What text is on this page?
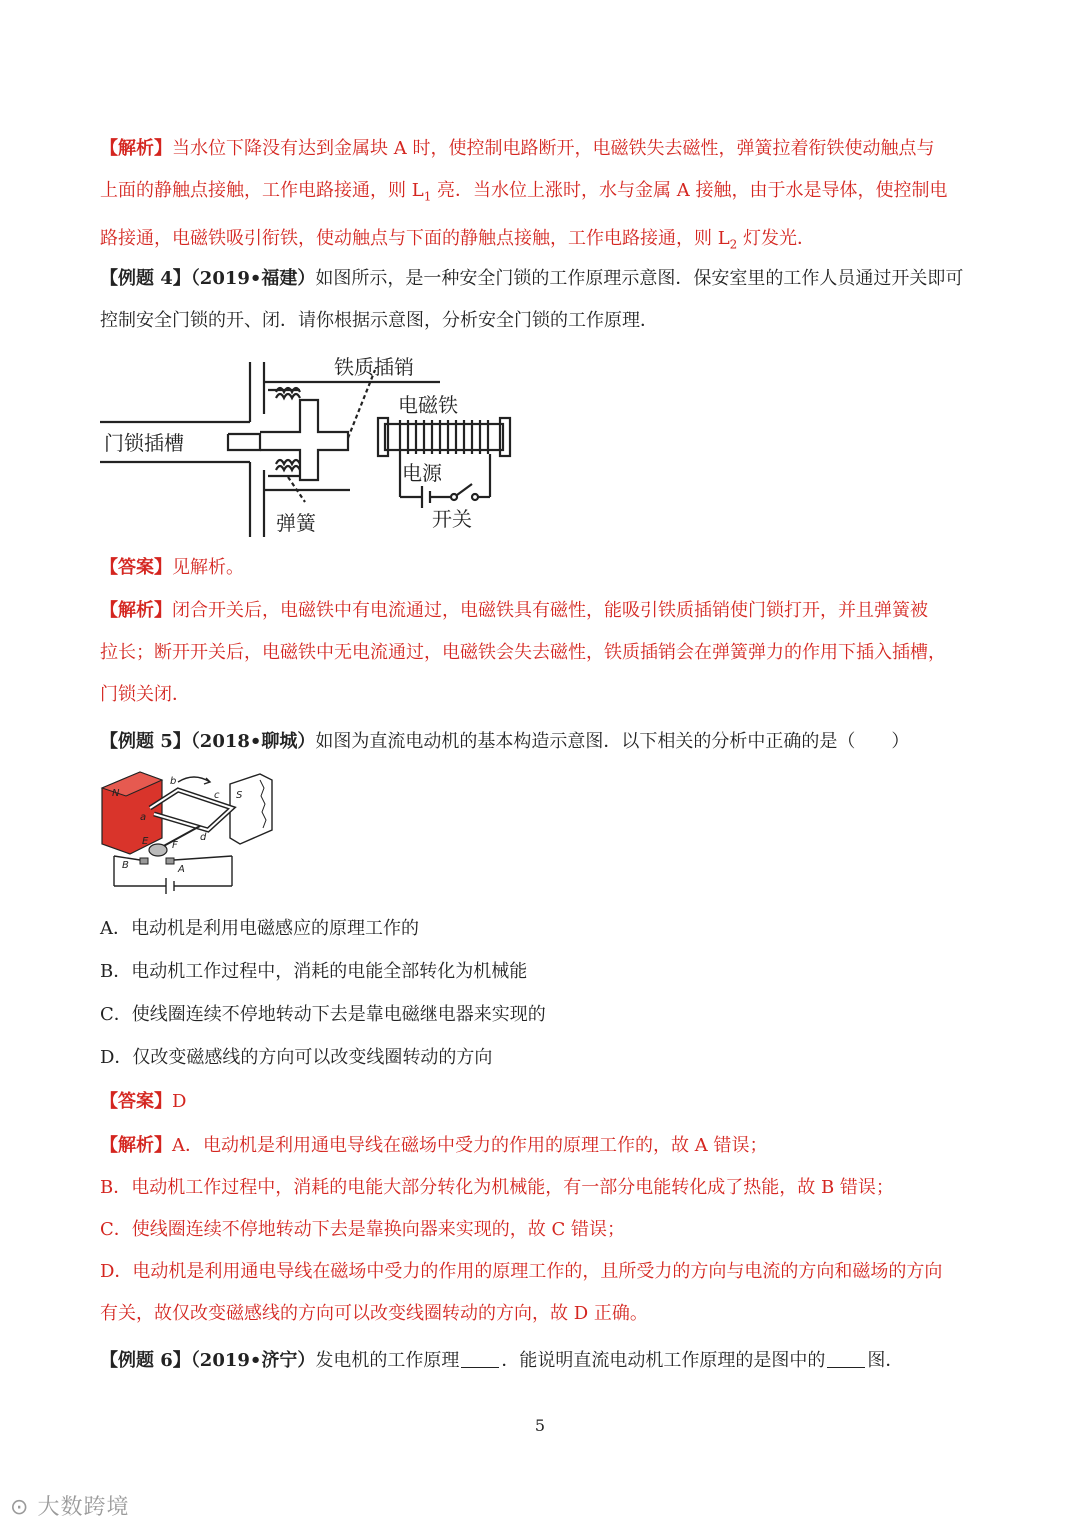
【解析】当水位下降没有达到金属块 A 时，使控制电路断开，电磁铁失去磁性，弹簧拉着衔铁使动触点与
上面的静触点接触，工作电路接通，则 $L_1$ 亮．当水位上涨时，水与金属 A 接触，由于水是导体，使控制电
路接通，电磁铁吸引衔铁，使动触点与下面的静触点接触，工作电路接通，则 $L_2$ 灯发光．
【例题 4】（2019•福建）如图所示，是一种安全门锁的工作原理示意图．保安室里的工作人员通过开关即可
控制安全门锁的开、闭．请你根据示意图，分析安全门锁的工作原理．
铁质插销
门锁插槽
电磁铁
电源
弹簧	开关
【答案】见解析。
【解析】闭合开关后，电磁铁中有电流通过，电磁铁具有磁性，能吸引铁质插销使门锁打开，并且弹簧被
拉长；断开开关后，电磁铁中无电流通过，电磁铁会失去磁性，铁质插销会在弹簧弹力的作用下插入插槽，
门锁关闭．
【例题 5】（2018•聊城）如图为直流电动机的基本构造示意图．以下相关的分析中正确的是（　　）
N	S
b
a
c
d
E F
B	A
A．电动机是利用电磁感应的原理工作的
B．电动机工作过程中，消耗的电能全部转化为机械能
C．使线圈连续不停地转动下去是靠电磁继电器来实现的
D．仅改变磁感线的方向可以改变线圈转动的方向
【答案】D
【解析】A．电动机是利用通电导线在磁场中受力的作用的原理工作的，故 A 错误；
B．电动机工作过程中，消耗的电能大部分转化为机械能，有一部分电能转化成了热能，故 B 错误；
C．使线圈连续不停地转动下去是靠换向器来实现的，故 C 错误；
D．电动机是利用通电导线在磁场中受力的作用的原理工作的，且所受力的方向与电流的方向和磁场的方向
有关，故仅改变磁感线的方向可以改变线圈转动的方向，故 D 正确。
【例题 6】（2019•济宁）发电机的工作原理 ．能说明直流电动机工作原理的是图中的 图．
5
⊙ 大数跨境
